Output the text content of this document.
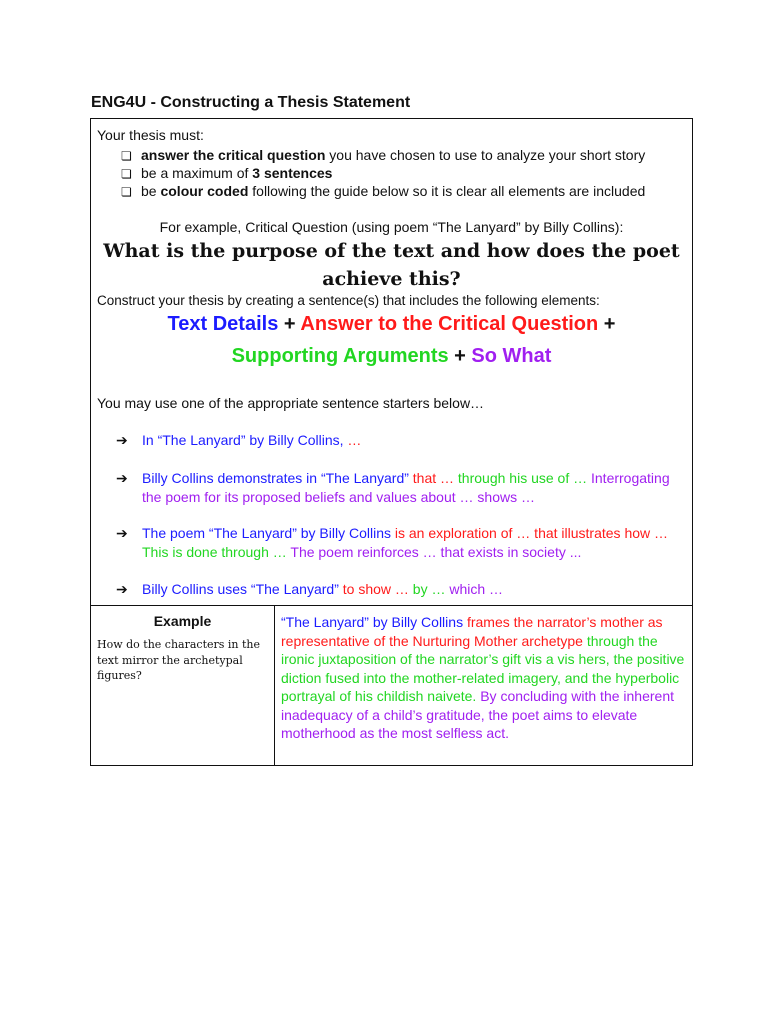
ENG4U - Constructing a Thesis Statement
Your thesis must:
❏ answer the critical question you have chosen to use to analyze your short story
❏ be a maximum of 3 sentences
❏ be colour coded following the guide below so it is clear all elements are included
For example, Critical Question (using poem “The Lanyard” by Billy Collins):
What is the purpose of the text and how does the poet achieve this?
Construct your thesis by creating a sentence(s) that includes the following elements:
Text Details + Answer to the Critical Question +
Supporting Arguments + So What
You may use one of the appropriate sentence starters below…
➔ In “The Lanyard” by Billy Collins, …
➔ Billy Collins demonstrates in “The Lanyard” that … through his use of … Interrogating the poem for its proposed beliefs and values about … shows …
➔ The poem “The Lanyard” by Billy Collins is an exploration of … that illustrates how … This is done through … The poem reinforces … that exists in society ...
➔ Billy Collins uses “The Lanyard” to show … by … which …
Example
How do the characters in the text mirror the archetypal figures?
“The Lanyard” by Billy Collins frames the narrator’s mother as representative of the Nurturing Mother archetype through the ironic juxtaposition of the narrator’s gift vis a vis hers, the positive diction fused into the mother-related imagery, and the hyperbolic portrayal of his childish naivete. By concluding with the inherent inadequacy of a child’s gratitude, the poet aims to elevate motherhood as the most selfless act.
